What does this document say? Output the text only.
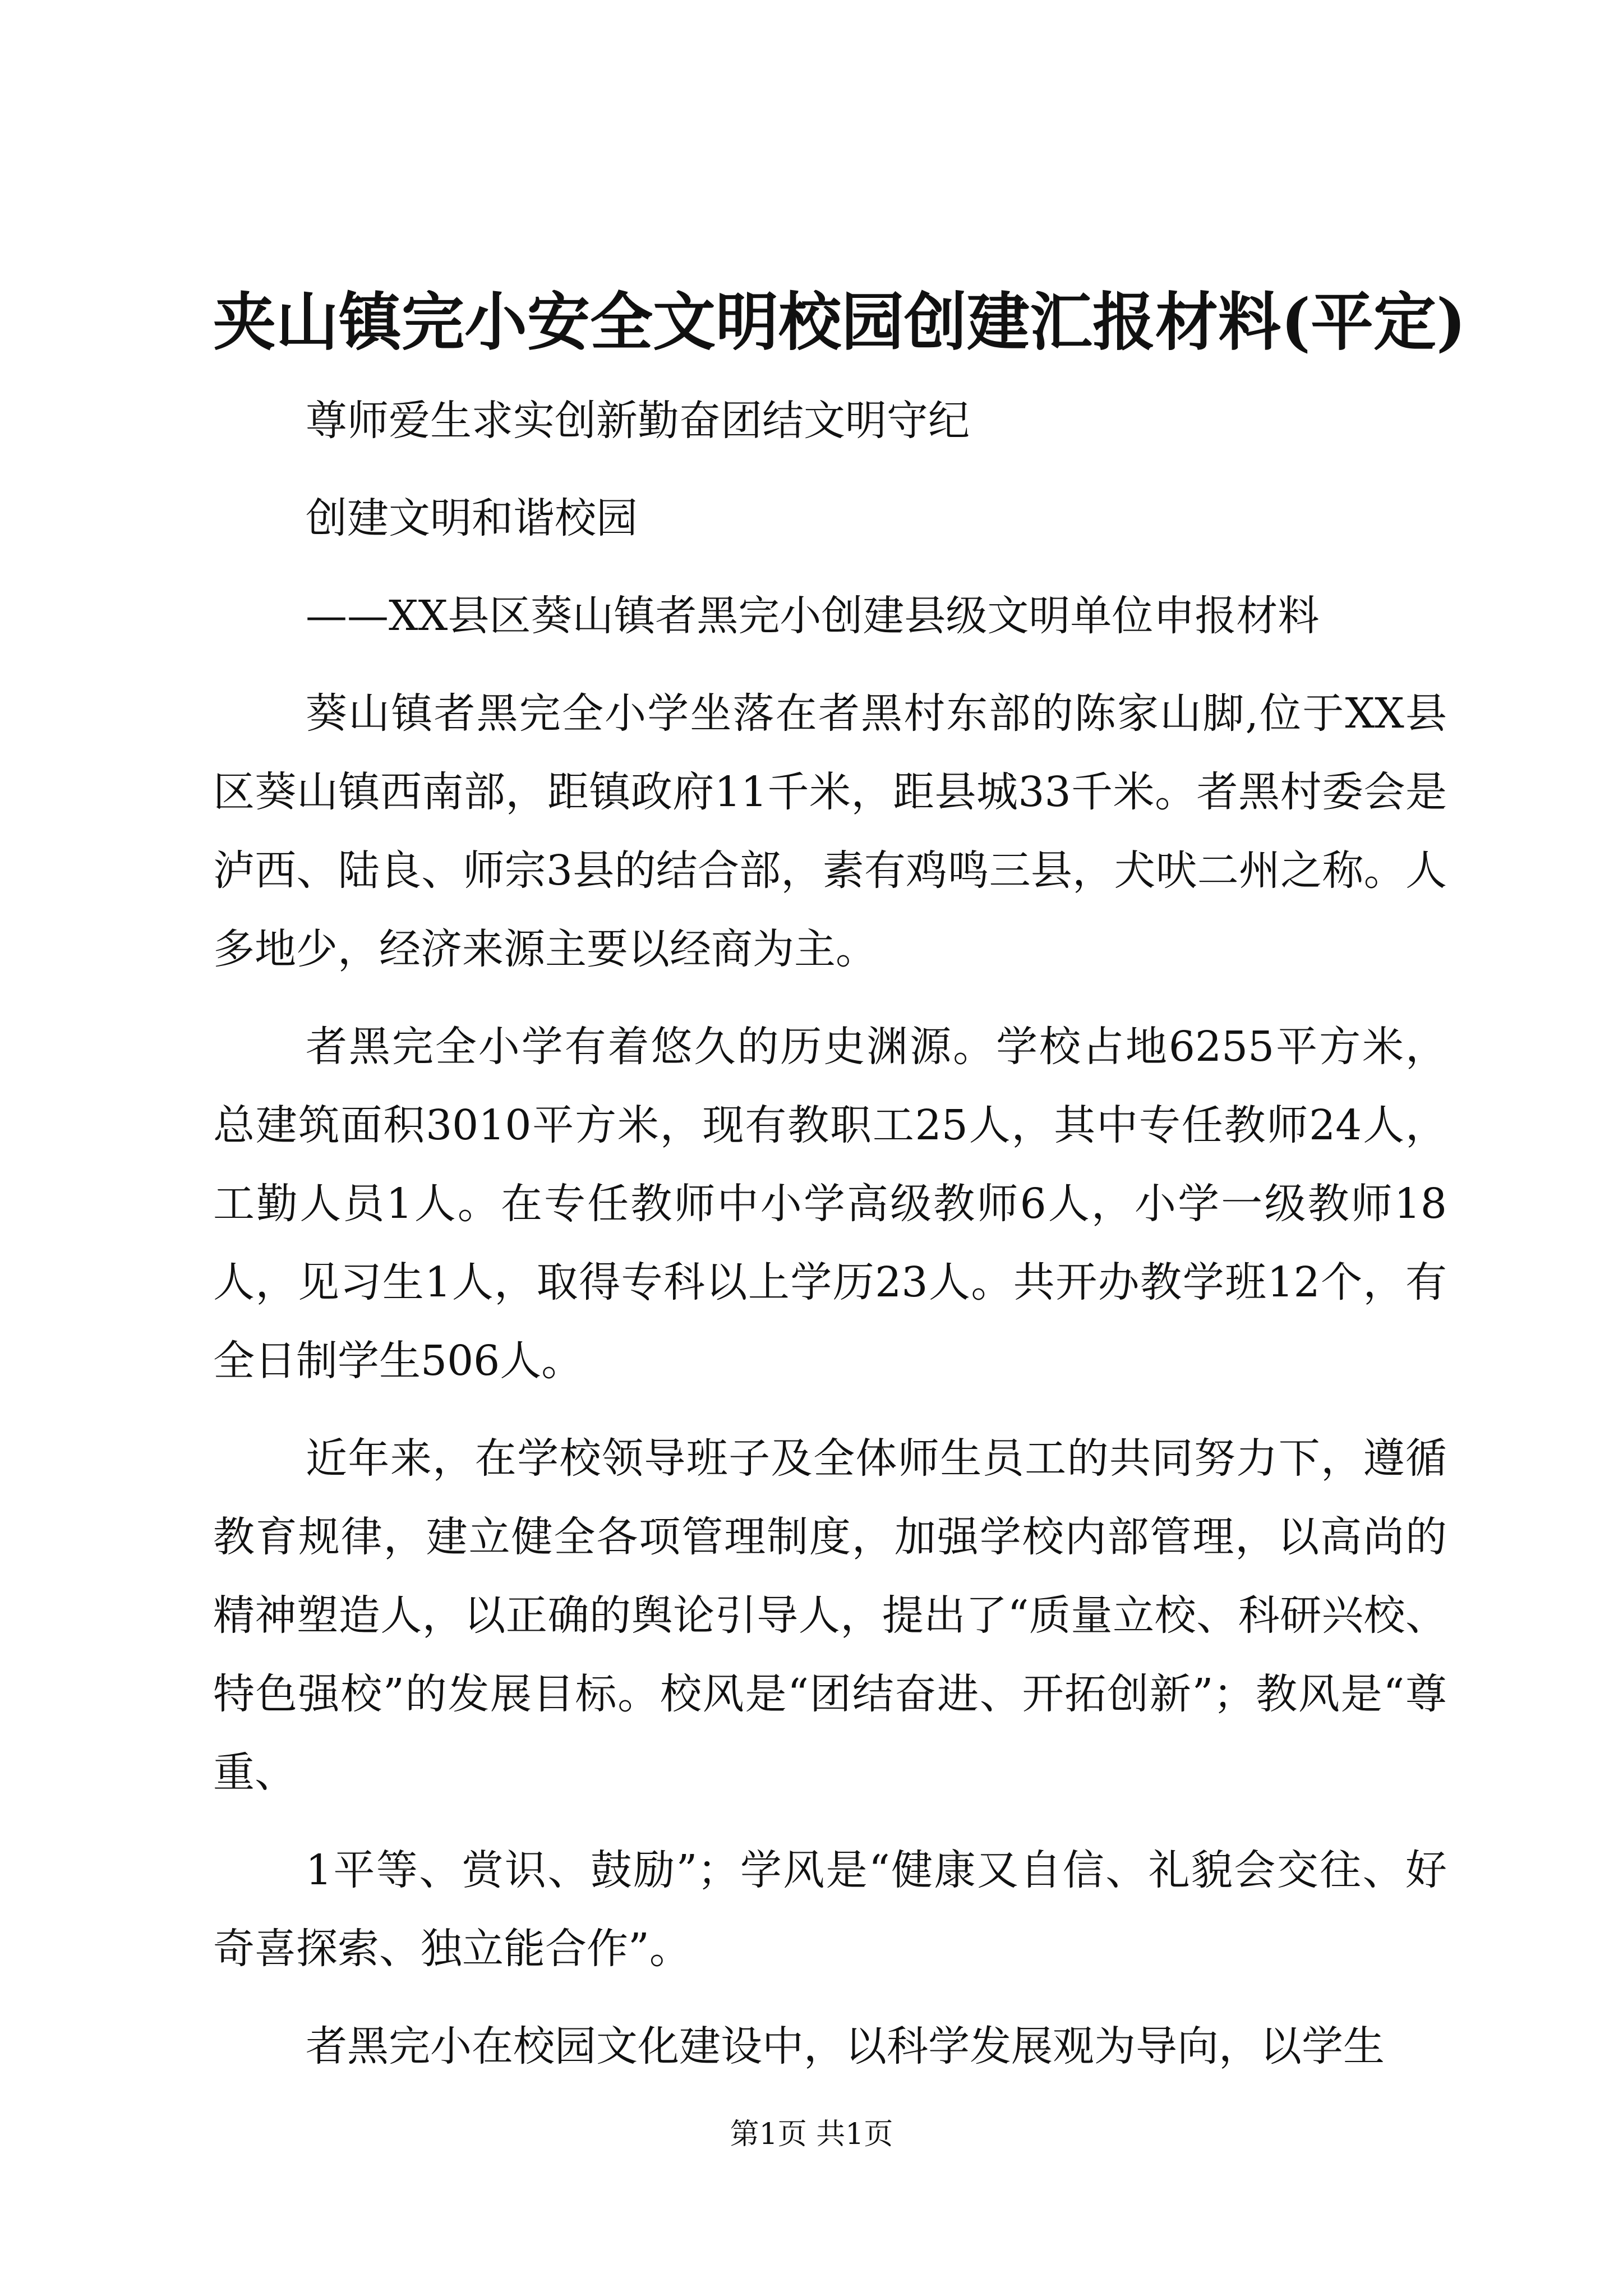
夹山镇完小安全文明校园创建汇报材料(平定)

尊师爱生求实创新勤奋团结文明守纪

创建文明和谐校园

——XX县区葵山镇者黑完小创建县级文明单位申报材料

葵山镇者黑完全小学坐落在者黑村东部的陈家山脚,位于XX县区葵山镇西南部，距镇政府11千米，距县城33千米。者黑村委会是泸西、陆良、师宗3县的结合部，素有鸡鸣三县，犬吠二州之称。人多地少，经济来源主要以经商为主。

者黑完全小学有着悠久的历史渊源。学校占地6255平方米，总建筑面积3010平方米，现有教职工25人，其中专任教师24人，工勤人员1人。在专任教师中小学高级教师6人，小学一级教师18人，见习生1人，取得专科以上学历23人。共开办教学班12个，有全日制学生506人。

近年来，在学校领导班子及全体师生员工的共同努力下，遵循教育规律，建立健全各项管理制度，加强学校内部管理，以高尚的精神塑造人，以正确的舆论引导人，提出了“质量立校、科研兴校、特色强校”的发展目标。校风是“团结奋进、开拓创新”；教风是“尊重、

1平等、赏识、鼓励”；学风是“健康又自信、礼貌会交往、好奇喜探索、独立能合作”。

者黑完小在校园文化建设中，以科学发展观为导向，以学生

第1页 共1页
